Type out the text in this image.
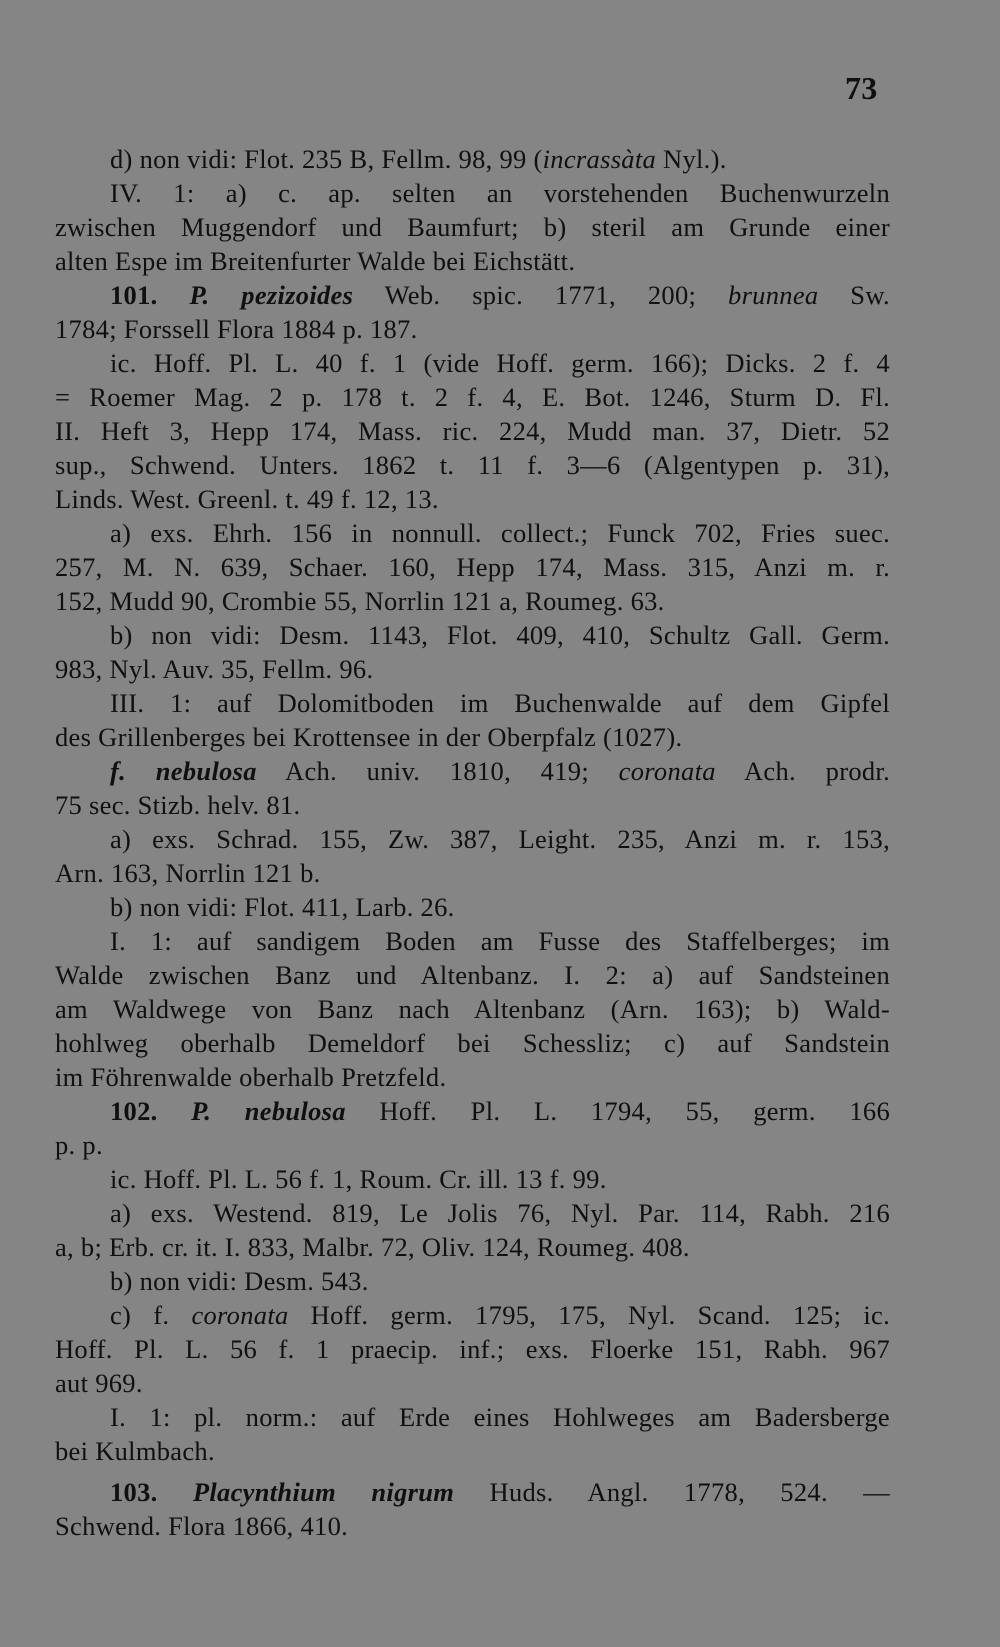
73
d) non vidi: Flot. 235 B, Fellm. 98, 99 (incrassàta Nyl.).
IV. 1: a) c. ap. selten an vorstehenden Buchenwurzeln
zwischen Muggendorf und Baumfurt; b) steril am Grunde einer
alten Espe im Breitenfurter Walde bei Eichstätt.
101. P. pezizoides Web. spic. 1771, 200; brunnea Sw.
1784; Forssell Flora 1884 p. 187.
ic. Hoff. Pl. L. 40 f. 1 (vide Hoff. germ. 166); Dicks. 2 f. 4
= Roemer Mag. 2 p. 178 t. 2 f. 4, E. Bot. 1246, Sturm D. Fl.
II. Heft 3, Hepp 174, Mass. ric. 224, Mudd man. 37, Dietr. 52
sup., Schwend. Unters. 1862 t. 11 f. 3—6 (Algentypen p. 31),
Linds. West. Greenl. t. 49 f. 12, 13.
a) exs. Ehrh. 156 in nonnull. collect.; Funck 702, Fries suec.
257, M. N. 639, Schaer. 160, Hepp 174, Mass. 315, Anzi m. r.
152, Mudd 90, Crombie 55, Norrlin 121 a, Roumeg. 63.
b) non vidi: Desm. 1143, Flot. 409, 410, Schultz Gall. Germ.
983, Nyl. Auv. 35, Fellm. 96.
III. 1: auf Dolomitboden im Buchenwalde auf dem Gipfel
des Grillenberges bei Krottensee in der Oberpfalz (1027).
f. nebulosa Ach. univ. 1810, 419; coronata Ach. prodr.
75 sec. Stizb. helv. 81.
a) exs. Schrad. 155, Zw. 387, Leight. 235, Anzi m. r. 153,
Arn. 163, Norrlin 121 b.
b) non vidi: Flot. 411, Larb. 26.
I. 1: auf sandigem Boden am Fusse des Staffelberges; im
Walde zwischen Banz und Altenbanz. I. 2: a) auf Sandsteinen
am Waldwege von Banz nach Altenbanz (Arn. 163); b) Wald-
hohlweg oberhalb Demeldorf bei Schessliz; c) auf Sandstein
im Föhrenwalde oberhalb Pretzfeld.
102. P. nebulosa Hoff. Pl. L. 1794, 55, germ. 166
p. p.
ic. Hoff. Pl. L. 56 f. 1, Roum. Cr. ill. 13 f. 99.
a) exs. Westend. 819, Le Jolis 76, Nyl. Par. 114, Rabh. 216
a, b; Erb. cr. it. I. 833, Malbr. 72, Oliv. 124, Roumeg. 408.
b) non vidi: Desm. 543.
c) f. coronata Hoff. germ. 1795, 175, Nyl. Scand. 125; ic.
Hoff. Pl. L. 56 f. 1 praecip. inf.; exs. Floerke 151, Rabh. 967
aut 969.
I. 1: pl. norm.: auf Erde eines Hohlweges am Badersberge
bei Kulmbach.
103. Placynthium nigrum Huds. Angl. 1778, 524. —
Schwend. Flora 1866, 410.
